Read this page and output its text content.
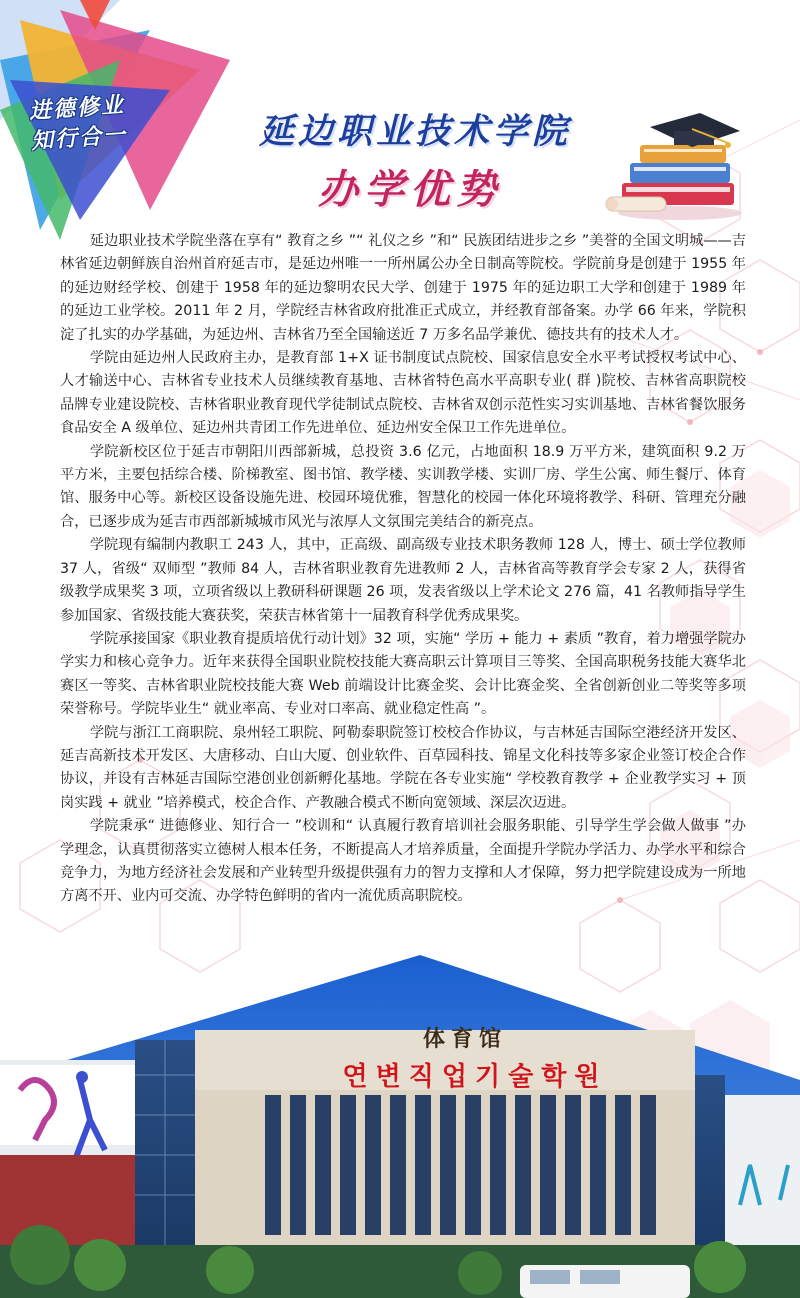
进德修业
知行合一	延边职业技术学院
办学优势

延边职业技术学院坐落在享有“ 教育之乡 ”“ 礼仪之乡 ”和“ 民族团结进步之乡 ”美誉的全国文明城——吉林省延边朝鲜族自治州首府延吉市，是延边州唯一一所州属公办全日制高等院校。学院前身是创建于 1955 年的延边财经学校、创建于 1958 年的延边黎明农民大学、创建于 1975 年的延边职工大学和创建于 1989 年的延边工业学校。2011 年 2 月，学院经吉林省政府批准正式成立，并经教育部备案。办学 66 年来，学院积淀了扎实的办学基础，为延边州、吉林省乃至全国输送近 7 万多名品学兼优、德技共有的技术人才。

学院由延边州人民政府主办，是教育部 1+X 证书制度试点院校、国家信息安全水平考试授权考试中心、人才输送中心、吉林省专业技术人员继续教育基地、吉林省特色高水平高职专业( 群 )院校、吉林省高职院校品牌专业建设院校、吉林省职业教育现代学徒制试点院校、吉林省双创示范性实习实训基地、吉林省餐饮服务食品安全 A 级单位、延边州共青团工作先进单位、延边州安全保卫工作先进单位。

学院新校区位于延吉市朝阳川西部新城，总投资 3.6 亿元，占地面积 18.9 万平方米，建筑面积 9.2 万平方米，主要包括综合楼、阶梯教室、图书馆、教学楼、实训教学楼、实训厂房、学生公寓、师生餐厅、体育馆、服务中心等。新校区设备设施先进、校园环境优雅，智慧化的校园一体化环境将教学、科研、管理充分融合，已逐步成为延吉市西部新城城市风光与浓厚人文氛围完美结合的新亮点。

学院现有编制内教职工 243 人，其中，正高级、副高级专业技术职务教师 128 人，博士、硕士学位教师 37 人，省级“ 双师型 ”教师 84 人，吉林省职业教育先进教师 2 人，吉林省高等教育学会专家 2 人，获得省级教学成果奖 3 项，立项省级以上教研科研课题 26 项，发表省级以上学术论文 276 篇，41 名教师指导学生参加国家、省级技能大赛获奖，荣获吉林省第十一届教育科学优秀成果奖。

学院承接国家《职业教育提质培优行动计划》32 项，实施“ 学历 + 能力 + 素质 ”教育，着力增强学院办学实力和核心竞争力。近年来获得全国职业院校技能大赛高职云计算项目三等奖、全国高职税务技能大赛华北赛区一等奖、吉林省职业院校技能大赛 Web 前端设计比赛金奖、会计比赛金奖、全省创新创业二等奖等多项荣誉称号。学院毕业生“ 就业率高、专业对口率高、就业稳定性高 ”。

学院与浙江工商职院、泉州轻工职院、阿勒泰职院签订校校合作协议，与吉林延吉国际空港经济开发区、延吉高新技术开发区、大唐移动、白山大厦、创业软件、百草园科技、锦星文化科技等多家企业签订校企合作协议，并设有吉林延吉国际空港创业创新孵化基地。学院在各专业实施“ 学校教育教学 + 企业教学实习 + 顶岗实践 + 就业 ”培养模式，校企合作、产教融合模式不断向宽领域、深层次迈进。

学院秉承“ 进德修业、知行合一 ”校训和“ 认真履行教育培训社会服务职能、引导学生学会做人做事 ”办学理念，认真贯彻落实立德树人根本任务，不断提高人才培养质量，全面提升学院办学活力、办学水平和综合竞争力，为地方经济社会发展和产业转型升级提供强有力的智力支撑和人才保障，努力把学院建设成为一所地方离不开、业内可交流、办学特色鲜明的省内一流优质高职院校。

体育馆
연변직업기술학원
